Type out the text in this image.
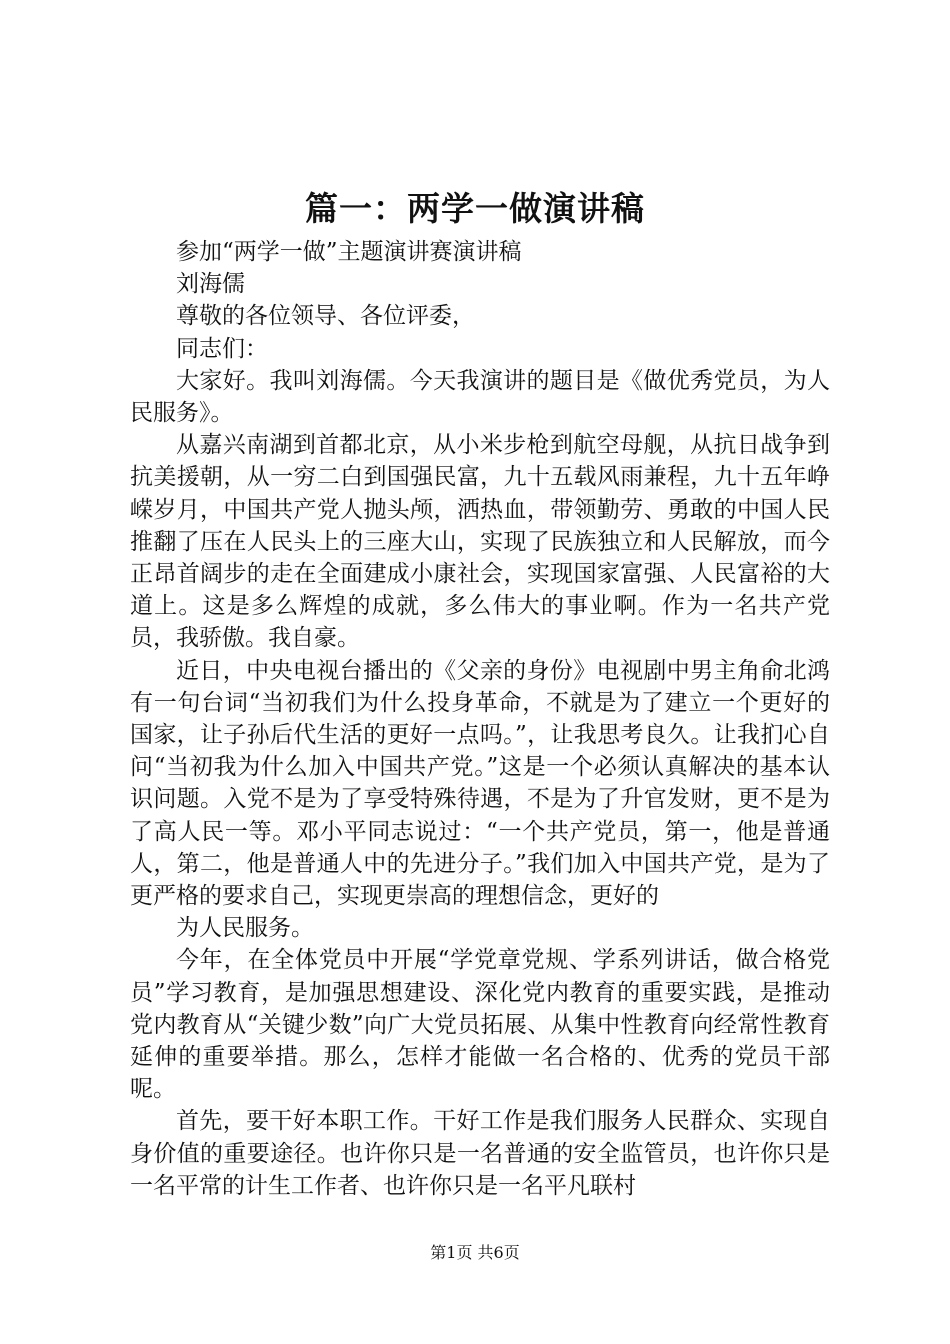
篇一：两学一做演讲稿

参加“两学一做”主题演讲赛演讲稿

刘海儒

尊敬的各位领导、各位评委，

同志们：

大家好。我叫刘海儒。今天我演讲的题目是《做优秀党员，为人民服务》。

从嘉兴南湖到首都北京，从小米步枪到航空母舰，从抗日战争到抗美援朝，从一穷二白到国强民富，九十五载风雨兼程，九十五年峥嵘岁月，中国共产党人抛头颅，洒热血，带领勤劳、勇敢的中国人民推翻了压在人民头上的三座大山，实现了民族独立和人民解放，而今正昂首阔步的走在全面建成小康社会，实现国家富强、人民富裕的大道上。这是多么辉煌的成就，多么伟大的事业啊。作为一名共产党员，我骄傲。我自豪。

近日，中央电视台播出的《父亲的身份》电视剧中男主角俞北鸿有一句台词“当初我们为什么投身革命，不就是为了建立一个更好的国家，让子孙后代生活的更好一点吗。”，让我思考良久。让我扪心自问“当初我为什么加入中国共产党。”这是一个必须认真解决的基本认识问题。入党不是为了享受特殊待遇，不是为了升官发财，更不是为了高人民一等。邓小平同志说过：“一个共产党员，第一，他是普通人，第二，他是普通人中的先进分子。”我们加入中国共产党，是为了更严格的要求自己，实现更崇高的理想信念，更好的

为人民服务。

今年，在全体党员中开展“学党章党规、学系列讲话，做合格党员”学习教育，是加强思想建设、深化党内教育的重要实践，是推动党内教育从“关键少数”向广大党员拓展、从集中性教育向经常性教育延伸的重要举措。那么，怎样才能做一名合格的、优秀的党员干部呢。

首先，要干好本职工作。干好工作是我们服务人民群众、实现自身价值的重要途径。也许你只是一名普通的安全监管员，也许你只是一名平常的计生工作者、也许你只是一名平凡联村

第1页 共6页
